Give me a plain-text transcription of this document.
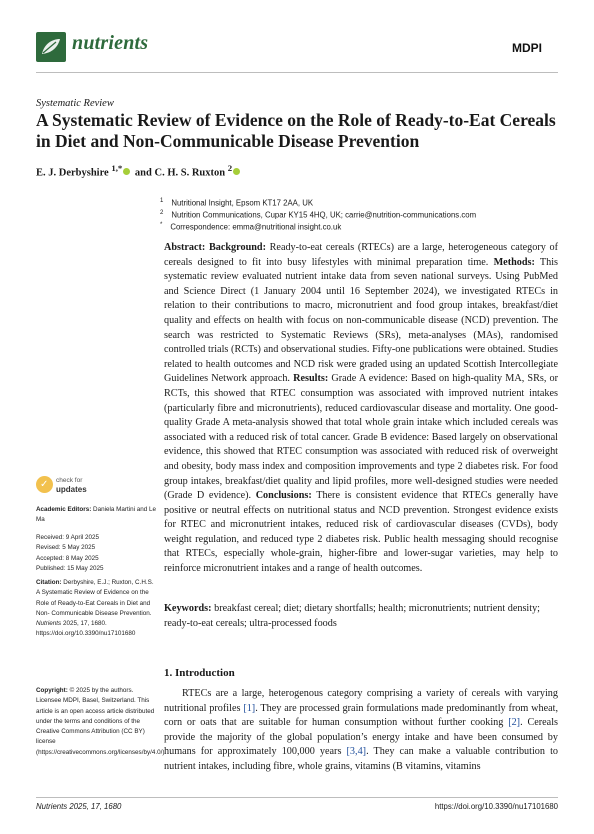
nutrients	MDPI
Systematic Review
A Systematic Review of Evidence on the Role of Ready-to-Eat Cereals in Diet and Non-Communicable Disease Prevention
E. J. Derbyshire $^{1,*}$ and C. H. S. Ruxton $^2$
$^1$ Nutritional Insight, Epsom KT17 2AA, UK
$^2$ Nutrition Communications, Cupar KY15 4HQ, UK; carrie@nutrition-communications.com
* Correspondence: emma@nutritional insight.co.uk

Abstract: Background: Ready-to-eat cereals (RTECs) are a large, heterogeneous category of cereals designed to fit into busy lifestyles with minimal preparation time. Methods: This systematic review evaluated nutrient intake data from seven national surveys. Using PubMed and Science Direct (1 January 2004 until 16 September 2024), we investigated RTECs in relation to their contributions to macro, micronutrient and food group intakes, breakfast/diet quality and effects on health with focus on non-communicable disease (NCD) prevention. The search was restricted to Systematic Reviews (SRs), meta-analyses (MAs), randomised controlled trials (RCTs) and observational studies. Fifty-one publications were obtained. Studies related to health outcomes and NCD risk were graded using an updated Scottish Intercollegiate Guidelines Network approach. Results: Grade A evidence: Based on high-quality MA, SRs, or RCTs, this showed that RTEC consumption was associated with improved nutrient intakes (particularly fibre and micronutrients), reduced cardiovascular disease and mortality. One good-quality Grade A meta-analysis showed that total whole grain intake which included cereals was associated with a reduced risk of total cancer. Grade B evidence: Based largely on observational evidence, this showed that RTEC consumption was associated with reduced risk of overweight and obesity, body mass index and composition improvements and type 2 diabetes risk. For food group intakes, breakfast/diet quality and lipid profiles, more well-designed studies were needed (Grade D evidence). Conclusions: There is consistent evidence that RTECs generally have positive or neutral effects on nutritional status and NCD prevention. Strongest evidence exists for RTEC and micronutrient intakes, reduced risk of cardiovascular diseases (CVDs), body weight regulation, and reduced type 2 diabetes risk. Public health messaging should recognise that RTECs, especially whole-grain, higher-fibre and lower-sugar varieties, may help to reinforce micronutrient intakes and a range of health outcomes.

Keywords: breakfast cereal; diet; dietary shortfalls; health; micronutrients; nutrient density; ready-to-eat cereals; ultra-processed foods
✓ check for
updates
Academic Editors: Daniela Martini and Le Ma
Received: 9 April 2025
Revised: 5 May 2025
Accepted: 8 May 2025
Published: 15 May 2025
Citation: Derbyshire, E.J.; Ruxton, C.H.S. A Systematic Review of Evidence on the Role of Ready-to-Eat Cereals in Diet and Non- Communicable Disease Prevention. Nutrients 2025, 17, 1680. https://doi.org/10.3390/nu17101680
Copyright: © 2025 by the authors. Licensee MDPI, Basel, Switzerland. This article is an open access article distributed under the terms and conditions of the Creative Commons Attribution (CC BY) license (https://creativecommons.org/licenses/by/4.0/).
1. Introduction

RTECs are a large, heterogenous category comprising a variety of cereals with varying nutritional profiles [1]. They are processed grain formulations made predominantly from wheat, corn or oats that are suitable for human consumption without further cooking [2]. Cereals provide the majority of the global population’s energy intake and have been consumed by humans for approximately 100,000 years [3,4]. They can make a valuable contribution to nutrient intakes, including fibre, whole grains, vitamins (B vitamins, vitamins

Nutrients 2025, 17, 1680	https://doi.org/10.3390/nu17101680
